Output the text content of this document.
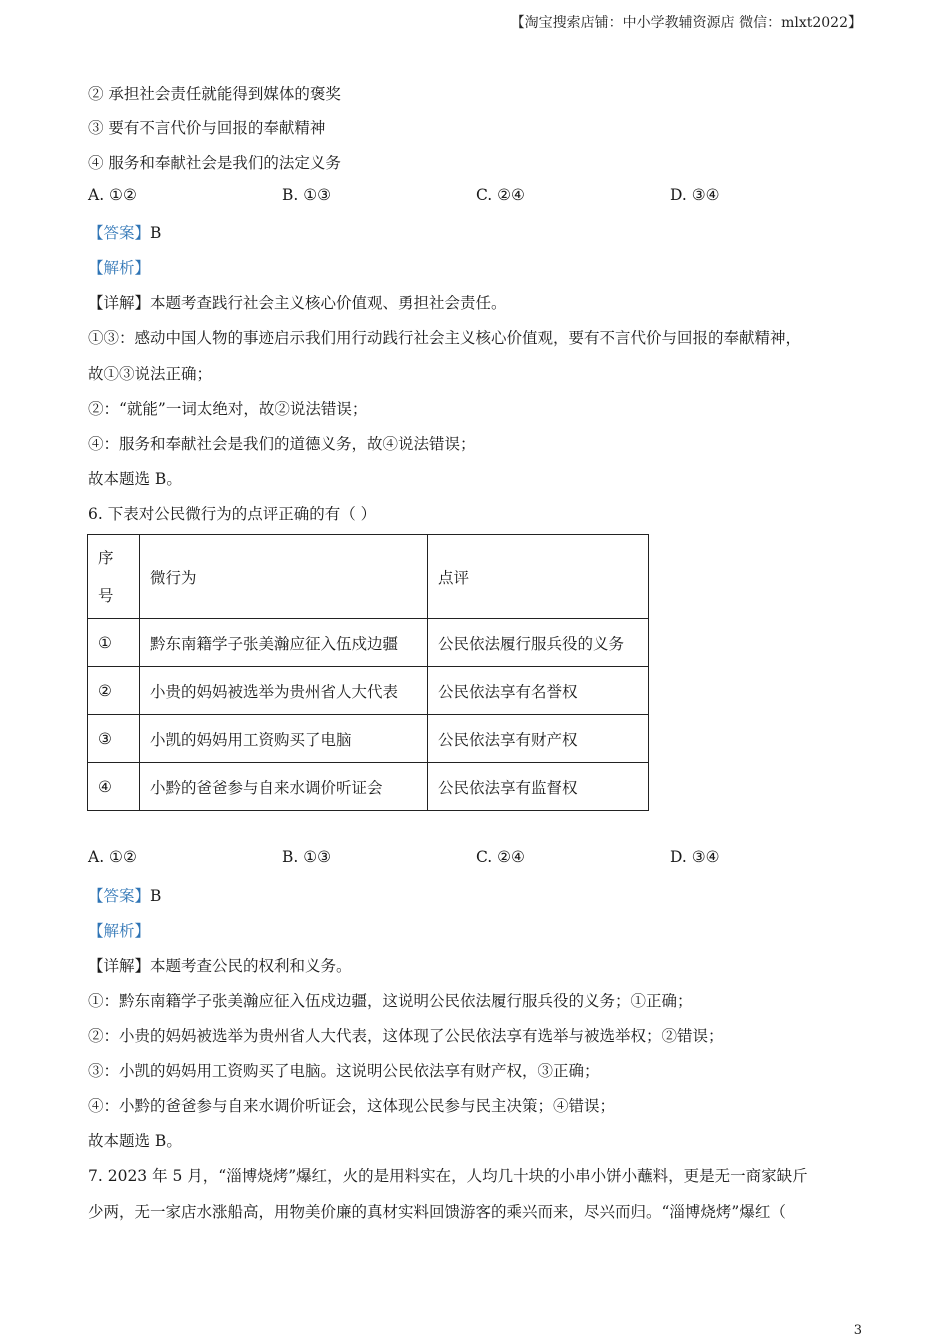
【淘宝搜索店铺：中小学教辅资源店 微信：mlxt2022】
② 承担社会责任就能得到媒体的褒奖
③ 要有不言代价与回报的奉献精神
④ 服务和奉献社会是我们的法定义务
A. ①②	B. ①③	C. ②④	D. ③④
【答案】B
【解析】
【详解】本题考查践行社会主义核心价值观、勇担社会责任。
①③：感动中国人物的事迹启示我们用行动践行社会主义核心价值观，要有不言代价与回报的奉献精神，
故①③说法正确；
②：“就能”一词太绝对，故②说法错误；
④：服务和奉献社会是我们的道德义务，故④说法错误；
故本题选 B。
6. 下表对公民微行为的点评正确的有（ ）
序
号	微行为	点评
①	黔东南籍学子张美瀚应征入伍戍边疆	公民依法履行服兵役的义务
②	小贵的妈妈被选举为贵州省人大代表	公民依法享有名誉权
③	小凯的妈妈用工资购买了电脑	公民依法享有财产权
④	小黔的爸爸参与自来水调价听证会	公民依法享有监督权
A. ①②	B. ①③	C. ②④	D. ③④
【答案】B
【解析】
【详解】本题考查公民的权利和义务。
①：黔东南籍学子张美瀚应征入伍戍边疆，这说明公民依法履行服兵役的义务；①正确；
②：小贵的妈妈被选举为贵州省人大代表，这体现了公民依法享有选举与被选举权；②错误；
③：小凯的妈妈用工资购买了电脑。这说明公民依法享有财产权，③正确；
④：小黔的爸爸参与自来水调价听证会，这体现公民参与民主决策；④错误；
故本题选 B。
7. 2023 年 5 月，“淄博烧烤”爆红，火的是用料实在，人均几十块的小串小饼小蘸料，更是无一商家缺斤
少两，无一家店水涨船高，用物美价廉的真材实料回馈游客的乘兴而来，尽兴而归。“淄博烧烤”爆红（
3
